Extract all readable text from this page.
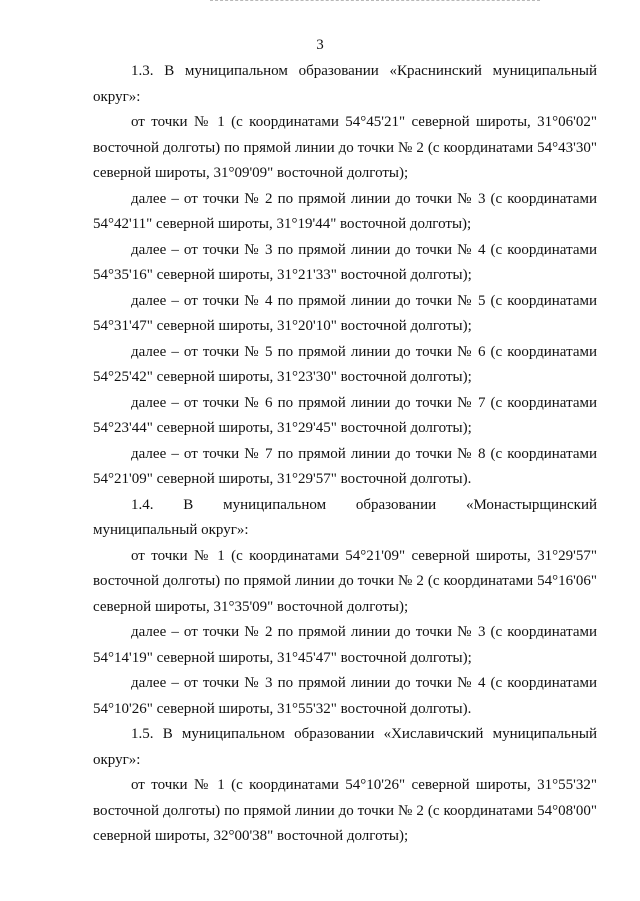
3

1.3. В муниципальном образовании «Краснинский муниципальный округ»:

от точки № 1 (с координатами 54°45'21" северной широты, 31°06'02" восточной долготы) по прямой линии до точки № 2 (с координатами 54°43'30" северной широты, 31°09'09" восточной долготы);

далее – от точки № 2 по прямой линии до точки № 3 (с координатами 54°42'11" северной широты, 31°19'44" восточной долготы);

далее – от точки № 3 по прямой линии до точки № 4 (с координатами 54°35'16" северной широты, 31°21'33" восточной долготы);

далее – от точки № 4 по прямой линии до точки № 5 (с координатами 54°31'47" северной широты, 31°20'10" восточной долготы);

далее – от точки № 5 по прямой линии до точки № 6 (с координатами 54°25'42" северной широты, 31°23'30" восточной долготы);

далее – от точки № 6 по прямой линии до точки № 7 (с координатами 54°23'44" северной широты, 31°29'45" восточной долготы);

далее – от точки № 7 по прямой линии до точки № 8 (с координатами 54°21'09" северной широты, 31°29'57" восточной долготы).

1.4. В муниципальном образовании «Монастырщинский

муниципальный округ»:

от точки № 1 (с координатами 54°21'09" северной широты, 31°29'57" восточной долготы) по прямой линии до точки № 2 (с координатами 54°16'06" северной широты, 31°35'09" восточной долготы);

далее – от точки № 2 по прямой линии до точки № 3 (с координатами 54°14'19" северной широты, 31°45'47" восточной долготы);

далее – от точки № 3 по прямой линии до точки № 4 (с координатами 54°10'26" северной широты, 31°55'32" восточной долготы).

1.5. В муниципальном образовании «Хиславичский муниципальный округ»:

от точки № 1 (с координатами 54°10'26" северной широты, 31°55'32" восточной долготы) по прямой линии до точки № 2 (с координатами 54°08'00" северной широты, 32°00'38" восточной долготы);
